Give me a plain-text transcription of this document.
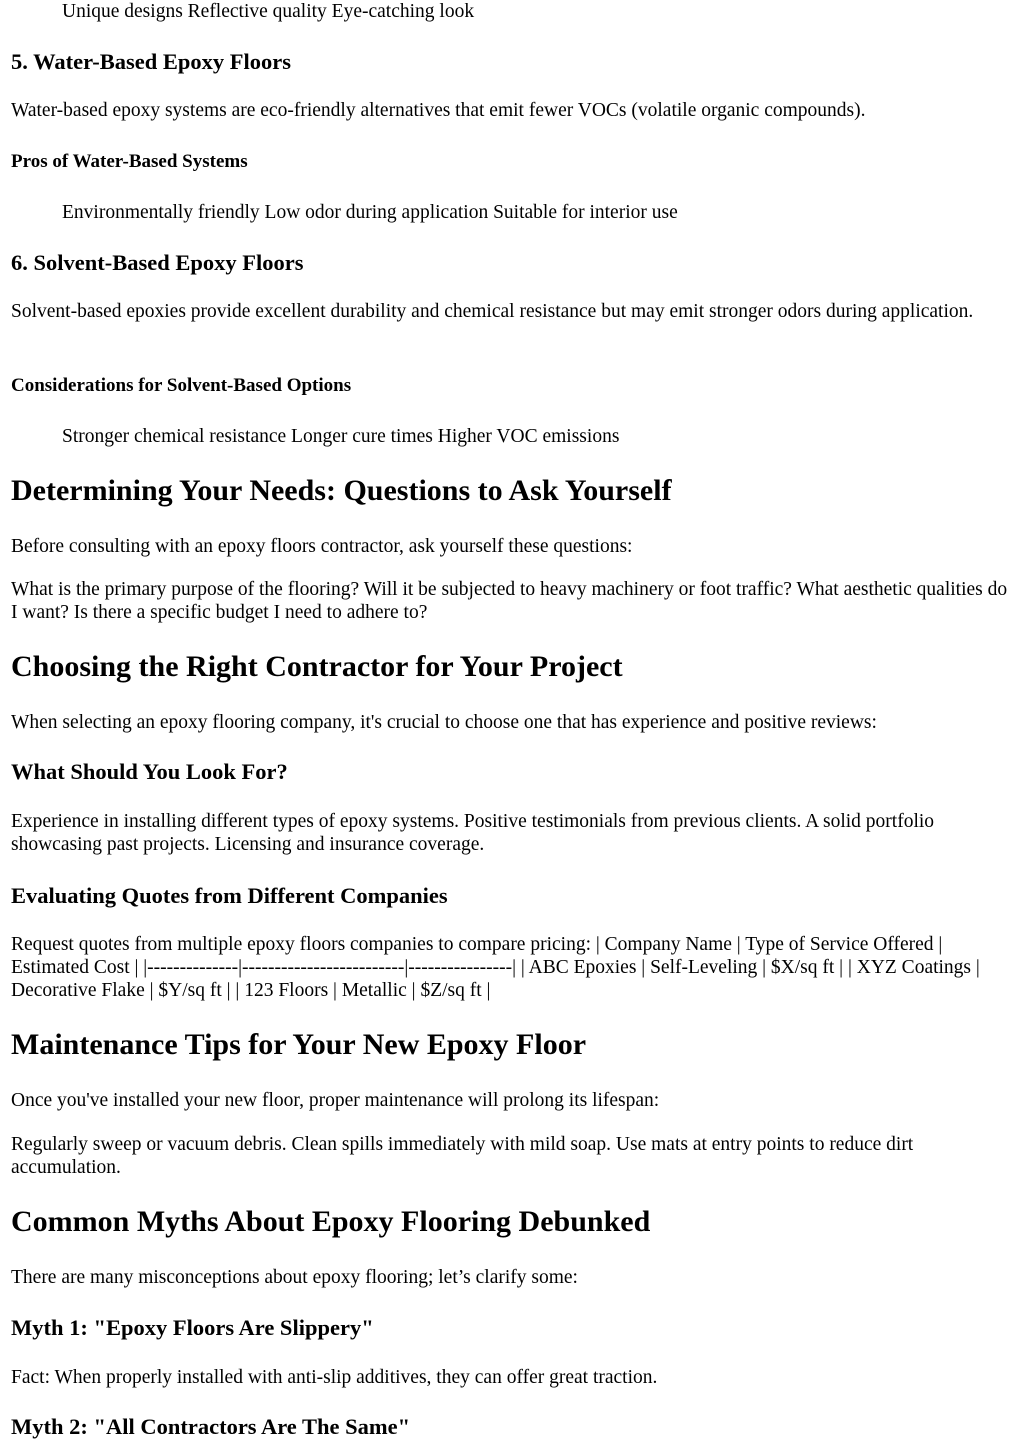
Unique designs Reflective quality Eye-catching look
5. Water-Based Epoxy Floors

Water-based epoxy systems are eco-friendly alternatives that emit fewer VOCs (volatile organic compounds).

Pros of Water-Based Systems
Environmentally friendly Low odor during application Suitable for interior use
6. Solvent-Based Epoxy Floors

Solvent-based epoxies provide excellent durability and chemical resistance but may emit stronger odors during application.

Considerations for Solvent-Based Options
Stronger chemical resistance Longer cure times Higher VOC emissions
Determining Your Needs: Questions to Ask Yourself

Before consulting with an epoxy floors contractor, ask yourself these questions:

What is the primary purpose of the flooring? Will it be subjected to heavy machinery or foot traffic? What aesthetic qualities do I want? Is there a specific budget I need to adhere to?

Choosing the Right Contractor for Your Project

When selecting an epoxy flooring company, it's crucial to choose one that has experience and positive reviews:

What Should You Look For?

Experience in installing different types of epoxy systems. Positive testimonials from previous clients. A solid portfolio showcasing past projects. Licensing and insurance coverage.

Evaluating Quotes from Different Companies

Request quotes from multiple epoxy floors companies to compare pricing: | Company Name | Type of Service Offered | Estimated Cost | |--------------|-------------------------|----------------| | ABC Epoxies | Self-Leveling | $X/sq ft | | XYZ Coatings | Decorative Flake | $Y/sq ft | | 123 Floors | Metallic | $Z/sq ft |

Maintenance Tips for Your New Epoxy Floor

Once you've installed your new floor, proper maintenance will prolong its lifespan:

Regularly sweep or vacuum debris. Clean spills immediately with mild soap. Use mats at entry points to reduce dirt accumulation.

Common Myths About Epoxy Flooring Debunked

There are many misconceptions about epoxy flooring; let’s clarify some:

Myth 1: "Epoxy Floors Are Slippery"

Fact: When properly installed with anti-slip additives, they can offer great traction.

Myth 2: "All Contractors Are The Same"
